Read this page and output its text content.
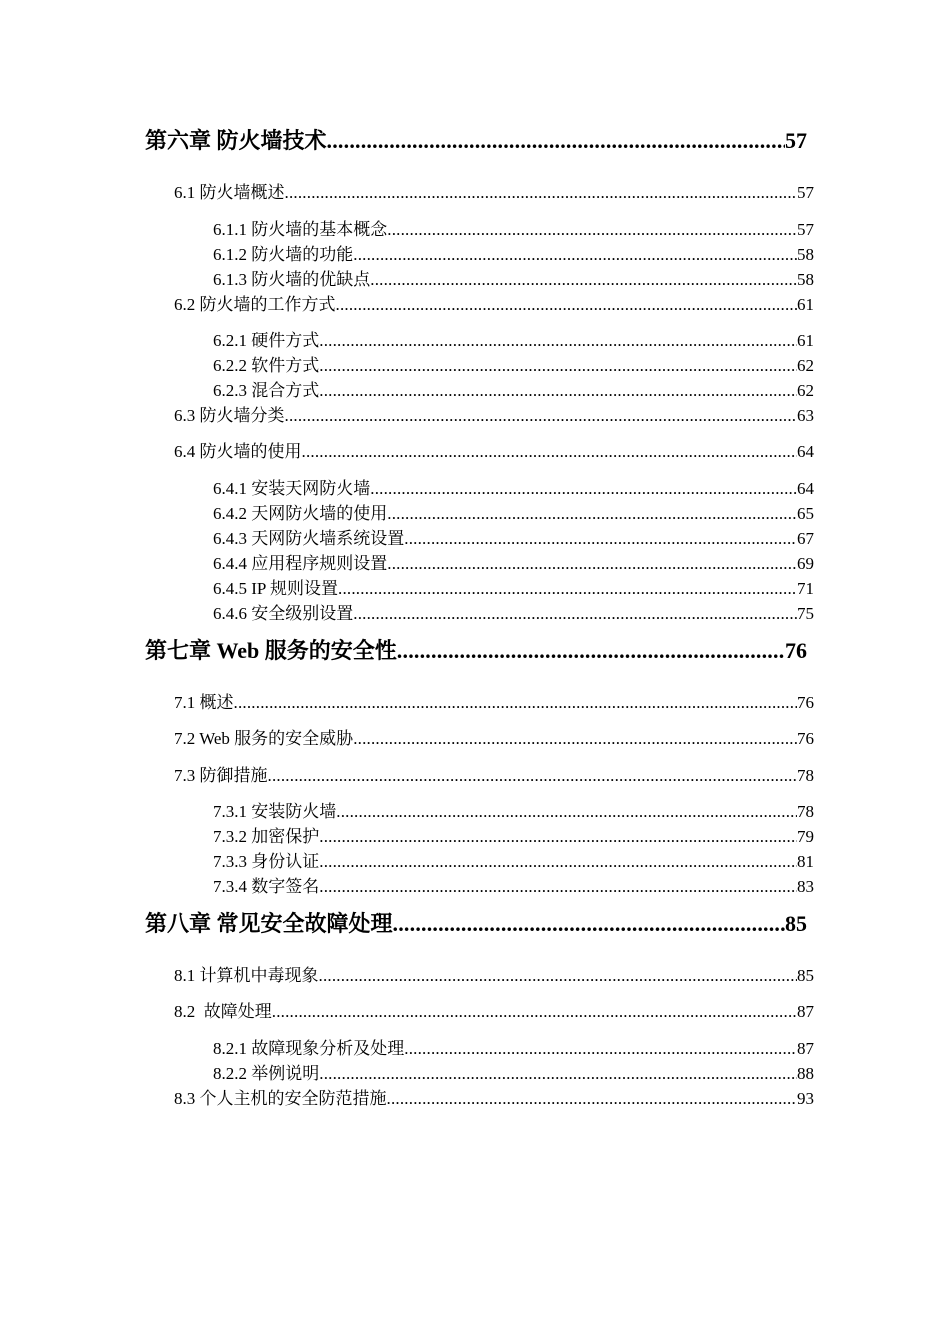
第六章 防火墙技术 .....	57
6.1 防火墙概述 .....	57
6.1.1 防火墙的基本概念 .....	57
6.1.2 防火墙的功能 .....	58
6.1.3 防火墙的优缺点 .....	58
6.2 防火墙的工作方式 .....	61
6.2.1 硬件方式 .....	61
6.2.2 软件方式 .....	62
6.2.3 混合方式 .....	62
6.3 防火墙分类 .....	63
6.4 防火墙的使用 .....	64
6.4.1 安装天网防火墙 .....	64
6.4.2 天网防火墙的使用 .....	65
6.4.3 天网防火墙系统设置 .....	67
6.4.4 应用程序规则设置 .....	69
6.4.5 IP 规则设置 .....	71
6.4.6 安全级别设置 .....	75
第七章 Web 服务的安全性 .....	76
7.1 概述 .....	76
7.2 Web 服务的安全威胁 .....	76
7.3 防御措施 .....	78
7.3.1 安装防火墙 .....	78
7.3.2 加密保护 .....	79
7.3.3 身份认证 .....	81
7.3.4 数字签名 .....	83
第八章 常见安全故障处理 .....	85
8.1 计算机中毒现象 .....	85
8.2  故障处理 .....	87
8.2.1 故障现象分析及处理 .....	87
8.2.2 举例说明 .....	88
8.3 个人主机的安全防范措施 .....	93
